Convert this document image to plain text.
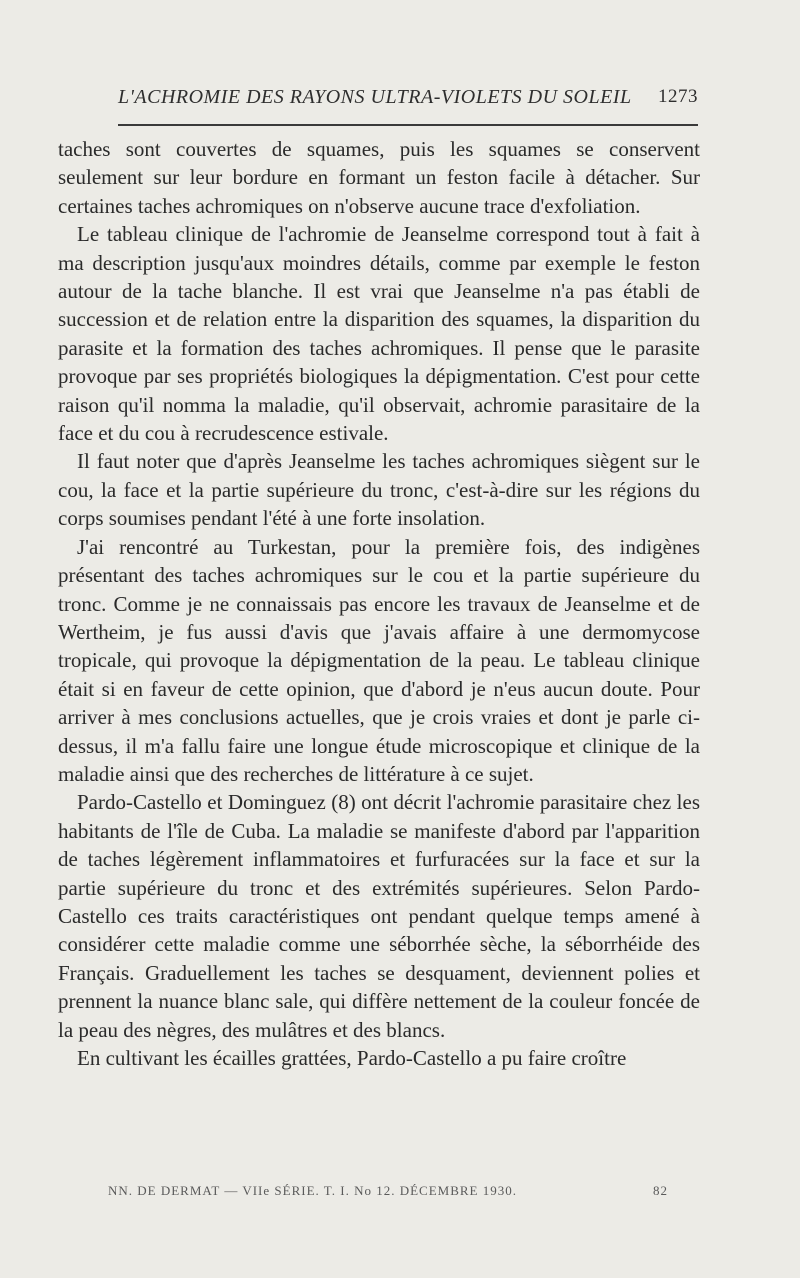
L'ACHROMIE DES RAYONS ULTRA-VIOLETS DU SOLEIL 1273

taches sont couvertes de squames, puis les squames se conservent seulement sur leur bordure en formant un feston facile à détacher. Sur certaines taches achromiques on n'observe aucune trace d'exfoliation.

Le tableau clinique de l'achromie de Jeanselme correspond tout à fait à ma description jusqu'aux moindres détails, comme par exemple le feston autour de la tache blanche. Il est vrai que Jeanselme n'a pas établi de succession et de relation entre la disparition des squames, la disparition du parasite et la formation des taches achromiques. Il pense que le parasite provoque par ses propriétés biologiques la dépigmentation. C'est pour cette raison qu'il nomma la maladie, qu'il observait, achromie parasitaire de la face et du cou à recrudescence estivale.

Il faut noter que d'après Jeanselme les taches achromiques siègent sur le cou, la face et la partie supérieure du tronc, c'est-à-dire sur les régions du corps soumises pendant l'été à une forte insolation.

J'ai rencontré au Turkestan, pour la première fois, des indigènes présentant des taches achromiques sur le cou et la partie supérieure du tronc. Comme je ne connaissais pas encore les travaux de Jeanselme et de Wertheim, je fus aussi d'avis que j'avais affaire à une dermomycose tropicale, qui provoque la dépigmentation de la peau. Le tableau clinique était si en faveur de cette opinion, que d'abord je n'eus aucun doute. Pour arriver à mes conclusions actuelles, que je crois vraies et dont je parle ci-dessus, il m'a fallu faire une longue étude microscopique et clinique de la maladie ainsi que des recherches de littérature à ce sujet.

Pardo-Castello et Dominguez (8) ont décrit l'achromie parasitaire chez les habitants de l'île de Cuba. La maladie se manifeste d'abord par l'apparition de taches légèrement inflammatoires et furfuracées sur la face et sur la partie supérieure du tronc et des extrémités supérieures. Selon Pardo-Castello ces traits caractéristiques ont pendant quelque temps amené à considérer cette maladie comme une séborrhée sèche, la séborrhéide des Français. Graduellement les taches se desquament, deviennent polies et prennent la nuance blanc sale, qui diffère nettement de la couleur foncée de la peau des nègres, des mulâtres et des blancs.

En cultivant les écailles grattées, Pardo-Castello a pu faire croître

NN. DE DERMAT — VIIe SÉRIE. T. I. No 12. DÉCEMBRE 1930.	82
